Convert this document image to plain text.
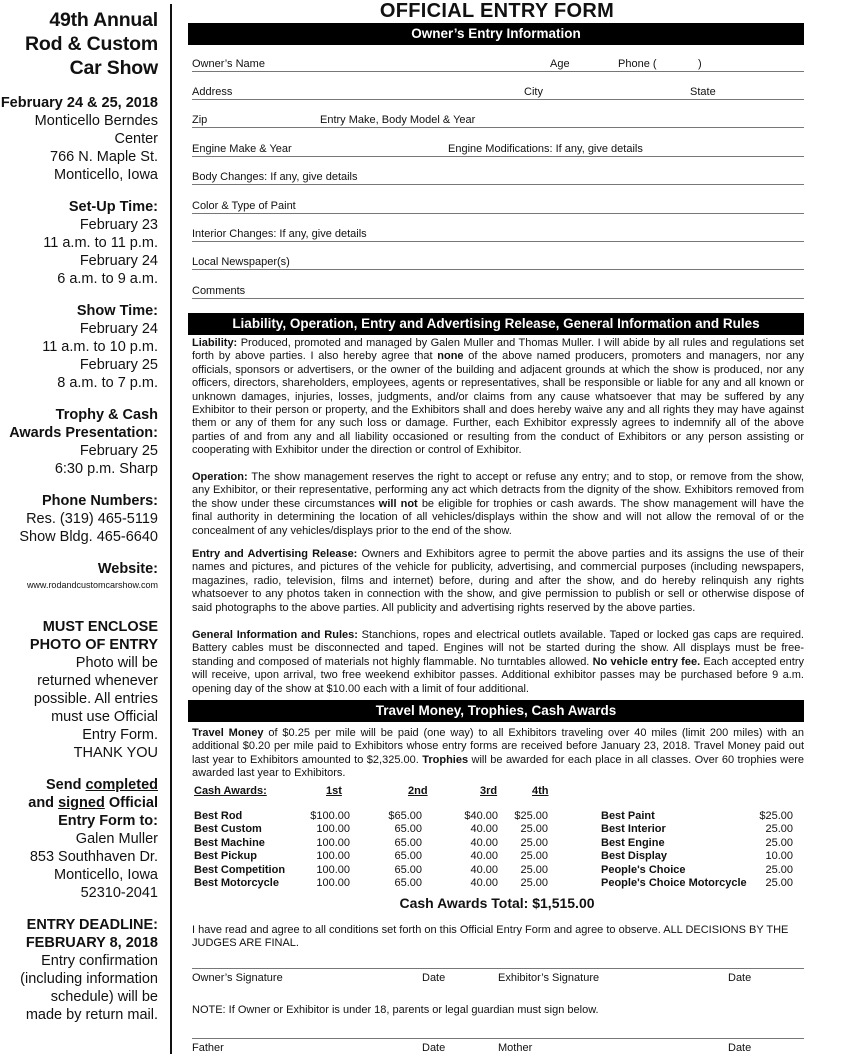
49th Annual
Rod & Custom
Car Show
February 24 & 25, 2018
Monticello Berndes
Center
766 N. Maple St.
Monticello, Iowa
Set-Up Time:
February 23
11 a.m. to 11 p.m.
February 24
6 a.m. to 9 a.m.
Show Time:
February 24
11 a.m. to 10 p.m.
February 25
8 a.m. to 7 p.m.
Trophy & Cash
Awards Presentation:
February 25
6:30 p.m. Sharp
Phone Numbers:
Res. (319) 465-5119
Show Bldg. 465-6640
Website:
www.rodandcustomcarshow.com
MUST ENCLOSE
PHOTO OF ENTRY
Photo will be
returned whenever
possible. All entries
must use Official
Entry Form.
THANK YOU
Send completed
and signed Official
Entry Form to:
Galen Muller
853 Southhaven Dr.
Monticello, Iowa
52310-2041
ENTRY DEADLINE:
FEBRUARY 8, 2018
Entry confirmation
(including information
schedule) will be
made by return mail.
OFFICIAL ENTRY FORM
Owner’s Entry Information
Owner’s Name	Age	Phone (	)
Address	City	State
Zip	Entry Make, Body Model & Year
Engine Make & Year	Engine Modifications: If any, give details
Body Changes: If any, give details
Color & Type of Paint
Interior Changes: If any, give details
Local Newspaper(s)
Comments
Liability, Operation, Entry and Advertising Release, General Information and Rules

Liability: Produced, promoted and managed by Galen Muller and Thomas Muller. I will abide by all rules and regulations set forth by above parties. I also hereby agree that none of the above named producers, promoters and managers, nor any officials, sponsors or advertisers, or the owner of the building and adjacent grounds at which the show is produced, nor any officers, directors, shareholders, employees, agents or representatives, shall be responsible or liable for any and all known or unknown damages, injuries, losses, judgments, and/or claims from any cause whatsoever that may be suffered by any Exhibitor to their person or property, and the Exhibitors shall and does hereby waive any and all rights they may have against them or any of them for any such loss or damage. Further, each Exhibitor expressly agrees to indemnify all of the above parties of and from any and all liability occasioned or resulting from the conduct of Exhibitors or any person assisting or cooperating with Exhibitor under the direction or control of Exhibitor.

Operation: The show management reserves the right to accept or refuse any entry; and to stop, or remove from the show, any Exhibitor, or their representative, performing any act which detracts from the dignity of the show. Exhibitors removed from the show under these circumstances will not be eligible for trophies or cash awards. The show management will have the final authority in determining the location of all vehicles/displays within the show and will not allow the removal of or the concealment of any vehicles/displays prior to the end of the show.

Entry and Advertising Release: Owners and Exhibitors agree to permit the above parties and its assigns the use of their names and pictures, and pictures of the vehicle for publicity, advertising, and commercial purposes (including newspapers, magazines, radio, television, films and internet) before, during and after the show, and do hereby relinquish any rights whatsoever to any photos taken in connection with the show, and give permission to publish or sell or otherwise dispose of said photographs to the above parties. All publicity and advertising rights reserved by the above parties.

General Information and Rules: Stanchions, ropes and electrical outlets available. Taped or locked gas caps are required. Battery cables must be disconnected and taped. Engines will not be started during the show. All displays must be free-standing and composed of materials not highly flammable. No turntables allowed. No vehicle entry fee. Each accepted entry will receive, upon arrival, two free weekend exhibitor passes. Additional exhibitor passes may be purchased before 9 a.m. opening day of the show at $10.00 each with a limit of four additional.

Travel Money, Trophies, Cash Awards

Travel Money of $0.25 per mile will be paid (one way) to all Exhibitors traveling over 40 miles (limit 200 miles) with an additional $0.20 per mile paid to Exhibitors whose entry forms are received before January 23, 2018. Travel Money paid out last year to Exhibitors amounted to $2,325.00. Trophies will be awarded for each place in all classes. Over 60 trophies were awarded last year to Exhibitors.

Cash Awards:	1st	2nd	3rd	4th
Best Rod	$100.00	$65.00	$40.00 $25.00
Best Custom	100.00	65.00	40.00 25.00
Best Machine	100.00	65.00	40.00 25.00
Best Pickup	100.00	65.00	40.00 25.00
Best Competition	100.00	65.00	40.00 25.00
Best Motorcycle	100.00	65.00	40.00 25.00
Best Paint	$25.00
Best Interior	25.00
Best Engine	25.00
Best Display	10.00
People's Choice	25.00
People's Choice Motorcycle 25.00
Cash Awards Total: $1,515.00

I have read and agree to all conditions set forth on this Official Entry Form and agree to observe. ALL DECISIONS BY THE JUDGES ARE FINAL.

Owner’s Signature	Date	Exhibitor’s Signature	Date

NOTE: If Owner or Exhibitor is under 18, parents or legal guardian must sign below.

Father	Date	Mother	Date
